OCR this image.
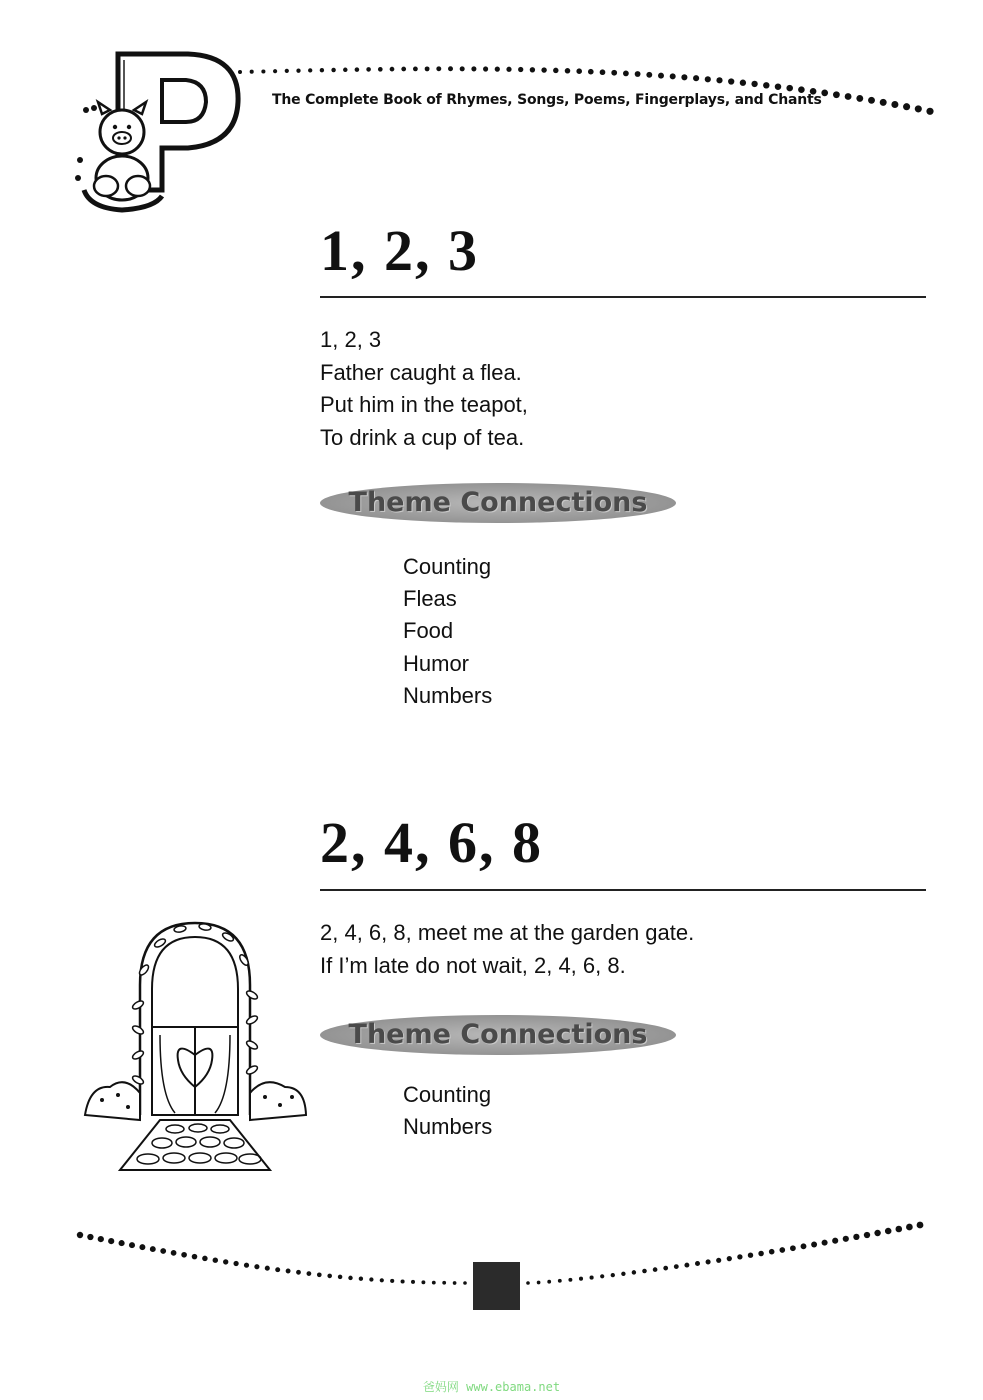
The Complete Book of Rhymes, Songs, Poems, Fingerplays, and Chants
1, 2, 3
1, 2, 3
Father caught a flea.
Put him in the teapot,
To drink a cup of tea.
Theme Connections
Counting
Fleas
Food
Humor
Numbers
2, 4, 6, 8
2, 4, 6, 8, meet me at the garden gate.
If I’m late do not wait, 2, 4, 6, 8.
Theme Connections
Counting
Numbers
爸妈网 www.ebama.net
